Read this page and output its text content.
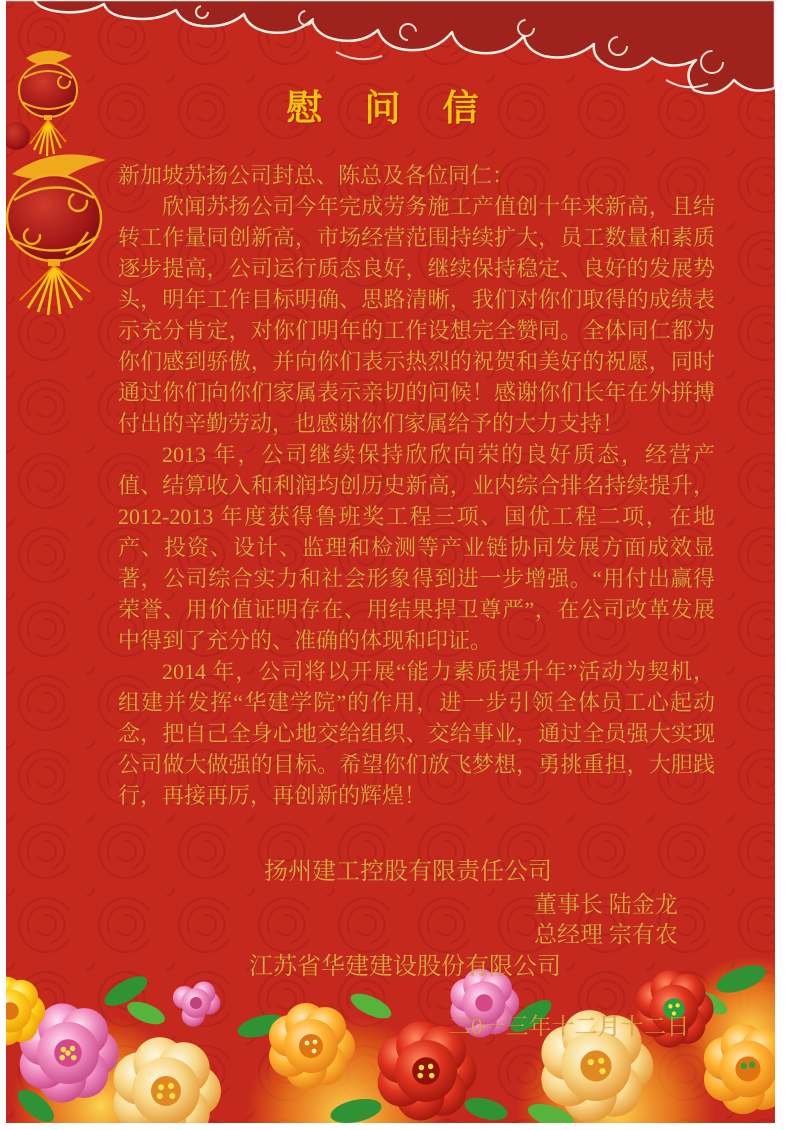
慰 问 信

新加坡苏扬公司封总、陈总及各位同仁：

欣闻苏扬公司今年完成劳务施工产值创十年来新高，且结转工作量同创新高，市场经营范围持续扩大，员工数量和素质逐步提高，公司运行质态良好，继续保持稳定、良好的发展势头，明年工作目标明确、思路清晰，我们对你们取得的成绩表示充分肯定，对你们明年的工作设想完全赞同。全体同仁都为你们感到骄傲，并向你们表示热烈的祝贺和美好的祝愿，同时通过你们向你们家属表示亲切的问候！感谢你们长年在外拼搏付出的辛勤劳动，也感谢你们家属给予的大力支持！

2013 年，公司继续保持欣欣向荣的良好质态，经营产值、结算收入和利润均创历史新高，业内综合排名持续提升，2012-2013 年度获得鲁班奖工程三项、国优工程二项，在地产、投资、设计、监理和检测等产业链协同发展方面成效显著，公司综合实力和社会形象得到进一步增强。“用付出赢得荣誉、用价值证明存在、用结果捍卫尊严”，在公司改革发展中得到了充分的、准确的体现和印证。

2014 年，公司将以开展“能力素质提升年”活动为契机，组建并发挥“华建学院”的作用，进一步引领全体员工心起动念，把自己全身心地交给组织、交给事业，通过全员强大实现公司做大做强的目标。希望你们放飞梦想，勇挑重担，大胆践行，再接再厉，再创新的辉煌！

扬州建工控股有限责任公司
董事长 陆金龙
总经理 宗有农
江苏省华建建设股份有限公司
二0一三年十二月十二日
